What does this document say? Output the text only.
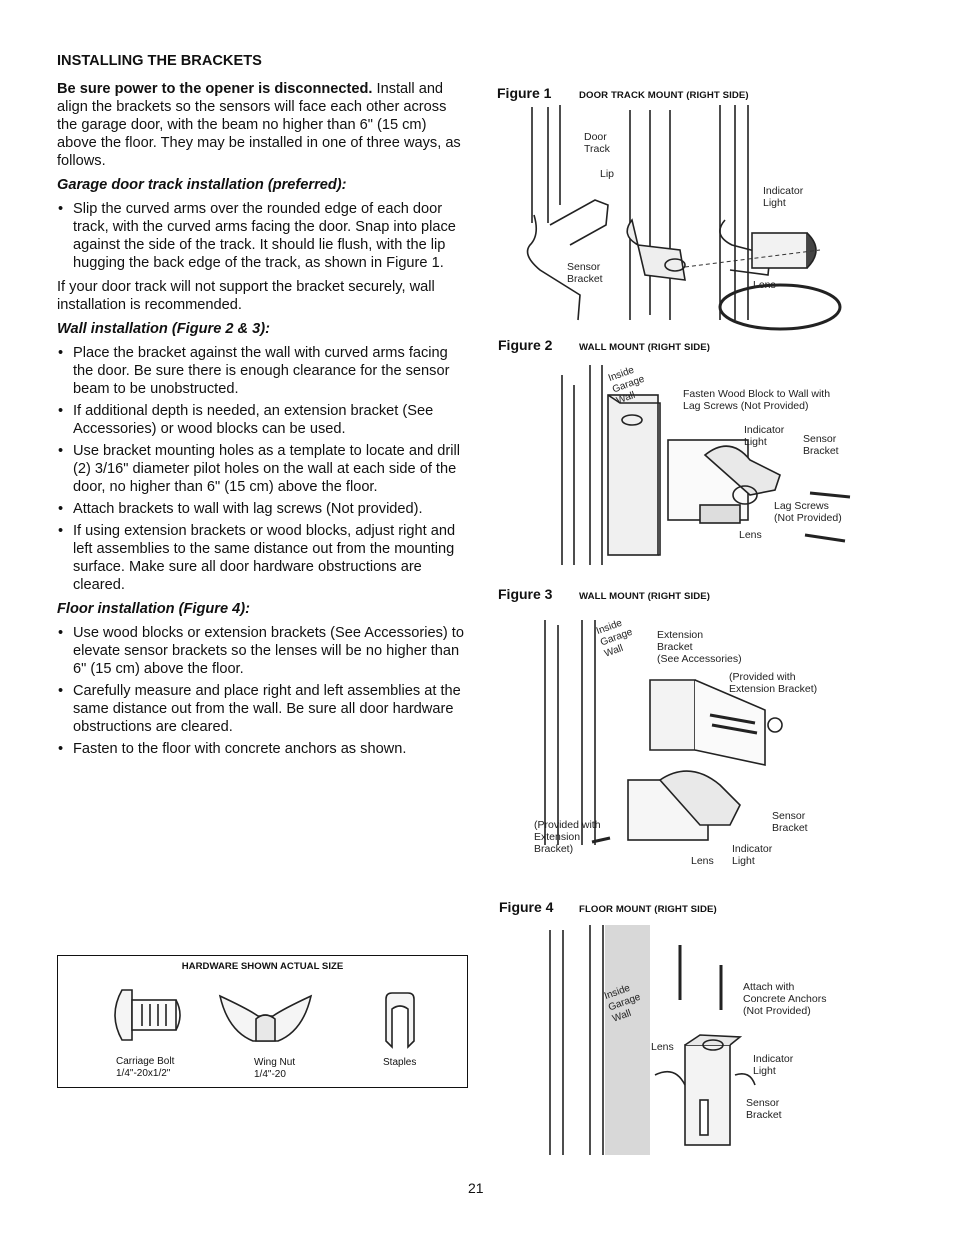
INSTALLING THE BRACKETS

Be sure power to the opener is disconnected. Install and align the brackets so the sensors will face each other across the garage door, with the beam no higher than 6" (15 cm) above the floor. They may be installed in one of three ways, as follows.

Garage door track installation (preferred):
• Slip the curved arms over the rounded edge of each door track, with the curved arms facing the door. Snap into place against the side of the track. It should lie flush, with the lip hugging the back edge of the track, as shown in Figure 1.

If your door track will not support the bracket securely, wall installation is recommended.

Wall installation (Figure 2 & 3):
• Place the bracket against the wall with curved arms facing the door. Be sure there is enough clearance for the sensor beam to be unobstructed.
• If additional depth is needed, an extension bracket (See Accessories) or wood blocks can be used.
• Use bracket mounting holes as a template to locate and drill (2) 3/16" diameter pilot holes on the wall at each side of the door, no higher than 6" (15 cm) above the floor.
• Attach brackets to wall with lag screws (Not provided).
• If using extension brackets or wood blocks, adjust right and left assemblies to the same distance out from the mounting surface. Make sure all door hardware obstructions are cleared.
Floor installation (Figure 4):
• Use wood blocks or extension brackets (See Accessories) to elevate sensor brackets so the lenses will be no higher than 6" (15 cm) above the floor.
• Carefully measure and place right and left assemblies at the same distance out from the wall. Be sure all door hardware obstructions are cleared.
• Fasten to the floor with concrete anchors as shown.
Figure 1	DOOR TRACK MOUNT (RIGHT SIDE)
Door
Track
Lip
Sensor
Bracket
Indicator
Light
Lens
Figure 2	WALL MOUNT (RIGHT SIDE)
Inside
Garage
Wall	Fasten Wood Block to Wall with
Lag Screws (Not Provided)
Indicator
Light	Sensor
Bracket
Lag Screws
(Not Provided)
Lens
Figure 3	WALL MOUNT (RIGHT SIDE)
Inside
Garage
Wall
Extension
Bracket
(See Accessories)
(Provided with
Extension Bracket)
Sensor
Bracket
(Provided with
Extension
Bracket)	Indicator
Light
Lens
Figure 4	FLOOR MOUNT (RIGHT SIDE)
Inside
Garage
Wall
Attach with
Concrete Anchors
(Not Provided)
Lens
Indicator
Light
Sensor
Bracket
HARDWARE SHOWN ACTUAL SIZE
Carriage Bolt
1/4"-20x1/2"
Wing Nut
1/4"-20
Staples
21
